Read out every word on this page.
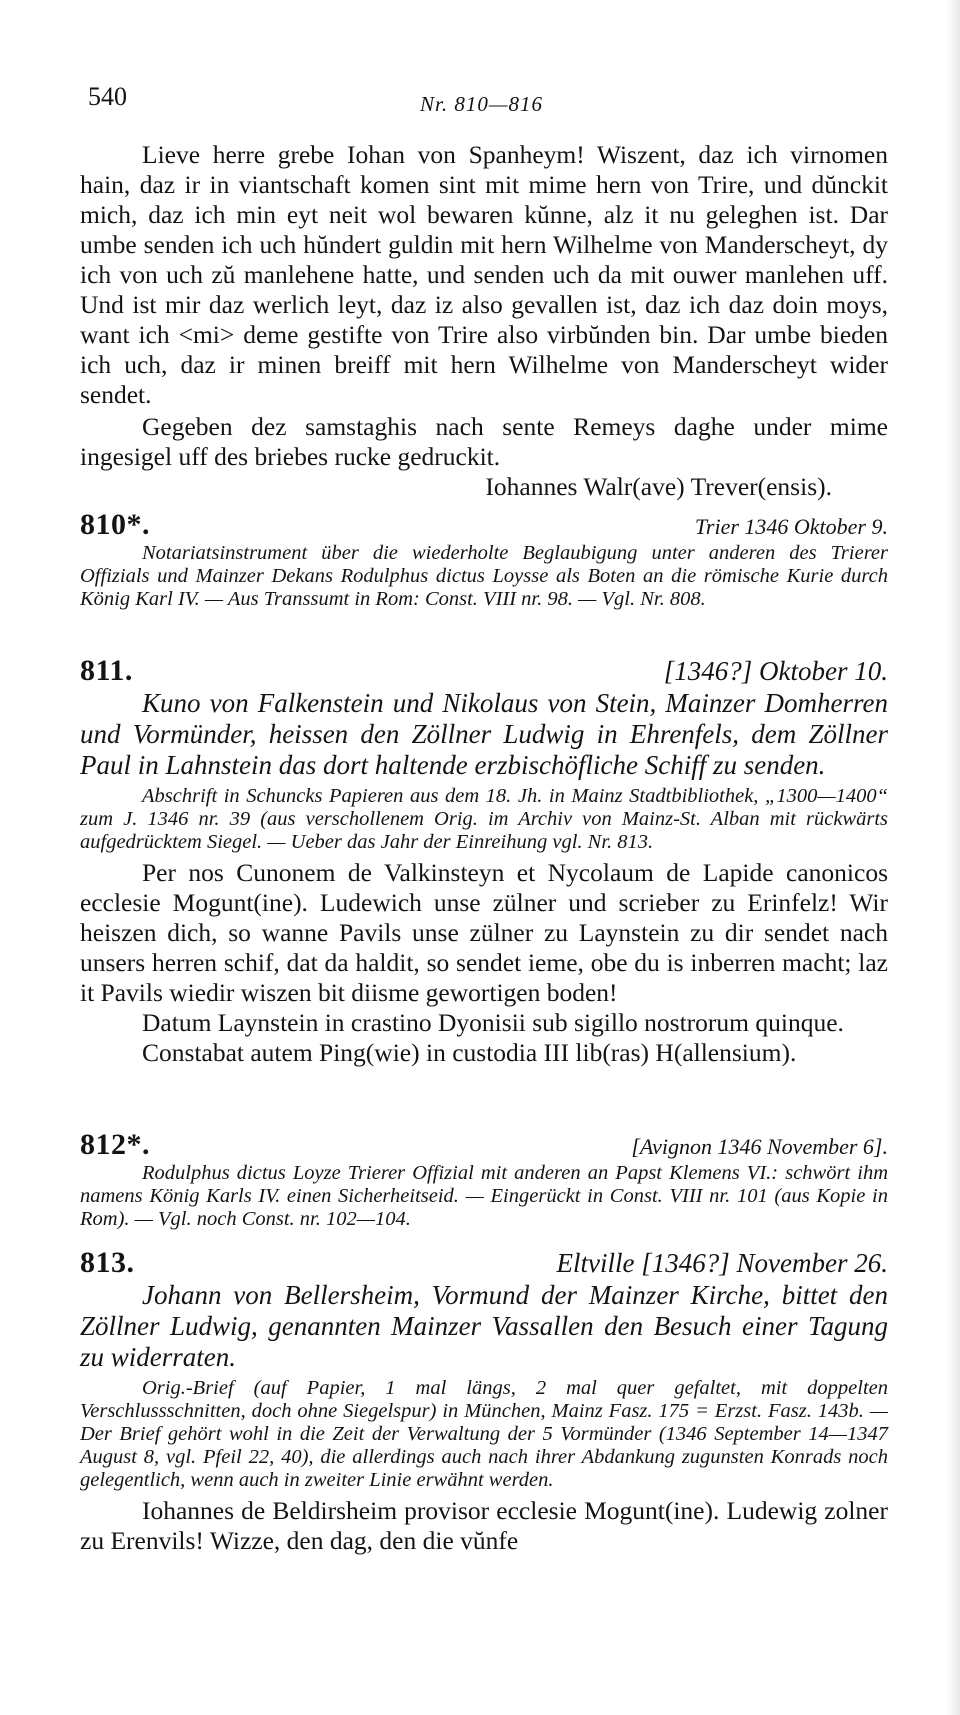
540	Nr. 810—816

Lieve herre grebe Iohan von Spanheym! Wiszent, daz ich virnomen hain, daz ir in viantschaft komen sint mit mime hern von Trire, und dŭnckit mich, daz ich min eyt neit wol bewaren kŭnne, alz it nu geleghen ist. Dar umbe senden ich uch hŭndert guldin mit hern Wilhelme von Manderscheyt, dy ich von uch zŭ manlehene hatte, und senden uch da mit ouwer manlehen uff. Und ist mir daz werlich leyt, daz iz also gevallen ist, daz ich daz doin moys, want ich <mi> deme gestifte von Trire also virbŭnden bin. Dar umbe bieden ich uch, daz ir minen breiff mit hern Wilhelme von Manderscheyt wider sendet.

Gegeben dez samstaghis nach sente Remeys daghe under mime ingesigel uff des briebes rucke gedruckit.

Iohannes Walr(ave) Trever(ensis).

810*.	Trier 1346 Oktober 9.

Notariatsinstrument über die wiederholte Beglaubigung unter anderen des Trierer Offizials und Mainzer Dekans Rodulphus dictus Loysse als Boten an die römische Kurie durch König Karl IV. — Aus Transsumt in Rom: Const. VIII nr. 98. — Vgl. Nr. 808.

811.	[1346?] Oktober 10.

Kuno von Falkenstein und Nikolaus von Stein, Mainzer Domherren und Vormünder, heissen den Zöllner Ludwig in Ehrenfels, dem Zöllner Paul in Lahnstein das dort haltende erzbischöfliche Schiff zu senden.

Abschrift in Schuncks Papieren aus dem 18. Jh. in Mainz Stadtbibliothek, „1300—1400“ zum J. 1346 nr. 39 (aus verschollenem Orig. im Archiv von Mainz-St. Alban mit rückwärts aufgedrücktem Siegel. — Ueber das Jahr der Einreihung vgl. Nr. 813.

Per nos Cunonem de Valkinsteyn et Nycolaum de Lapide canonicos ecclesie Mogunt(ine). Ludewich unse zülner und scrieber zu Erinfelz! Wir heiszen dich, so wanne Pavils unse zülner zu Laynstein zu dir sendet nach unsers herren schif, dat da haldit, so sendet ieme, obe du is inberren macht; laz it Pavils wiedir wiszen bit diisme gewortigen boden!

Datum Laynstein in crastino Dyonisii sub sigillo nostrorum quinque.

Constabat autem Ping(wie) in custodia III lib(ras) H(allensium).

812*.	[Avignon 1346 November 6].

Rodulphus dictus Loyze Trierer Offizial mit anderen an Papst Klemens VI.: schwört ihm namens König Karls IV. einen Sicherheitseid. — Eingerückt in Const. VIII nr. 101 (aus Kopie in Rom). — Vgl. noch Const. nr. 102—104.

813.	Eltville [1346?] November 26.

Johann von Bellersheim, Vormund der Mainzer Kirche, bittet den Zöllner Ludwig, genannten Mainzer Vassallen den Besuch einer Tagung zu widerraten.

Orig.-Brief (auf Papier, 1 mal längs, 2 mal quer gefaltet, mit doppelten Verschlussschnitten, doch ohne Siegelspur) in München, Mainz Fasz. 175 = Erzst. Fasz. 143b. — Der Brief gehört wohl in die Zeit der Verwaltung der 5 Vormünder (1346 September 14—1347 August 8, vgl. Pfeil 22, 40), die allerdings auch nach ihrer Abdankung zugunsten Konrads noch gelegentlich, wenn auch in zweiter Linie erwähnt werden.

Iohannes de Beldirsheim provisor ecclesie Mogunt(ine). Ludewig zolner zu Erenvils! Wizze, den dag, den die vŭnfe
